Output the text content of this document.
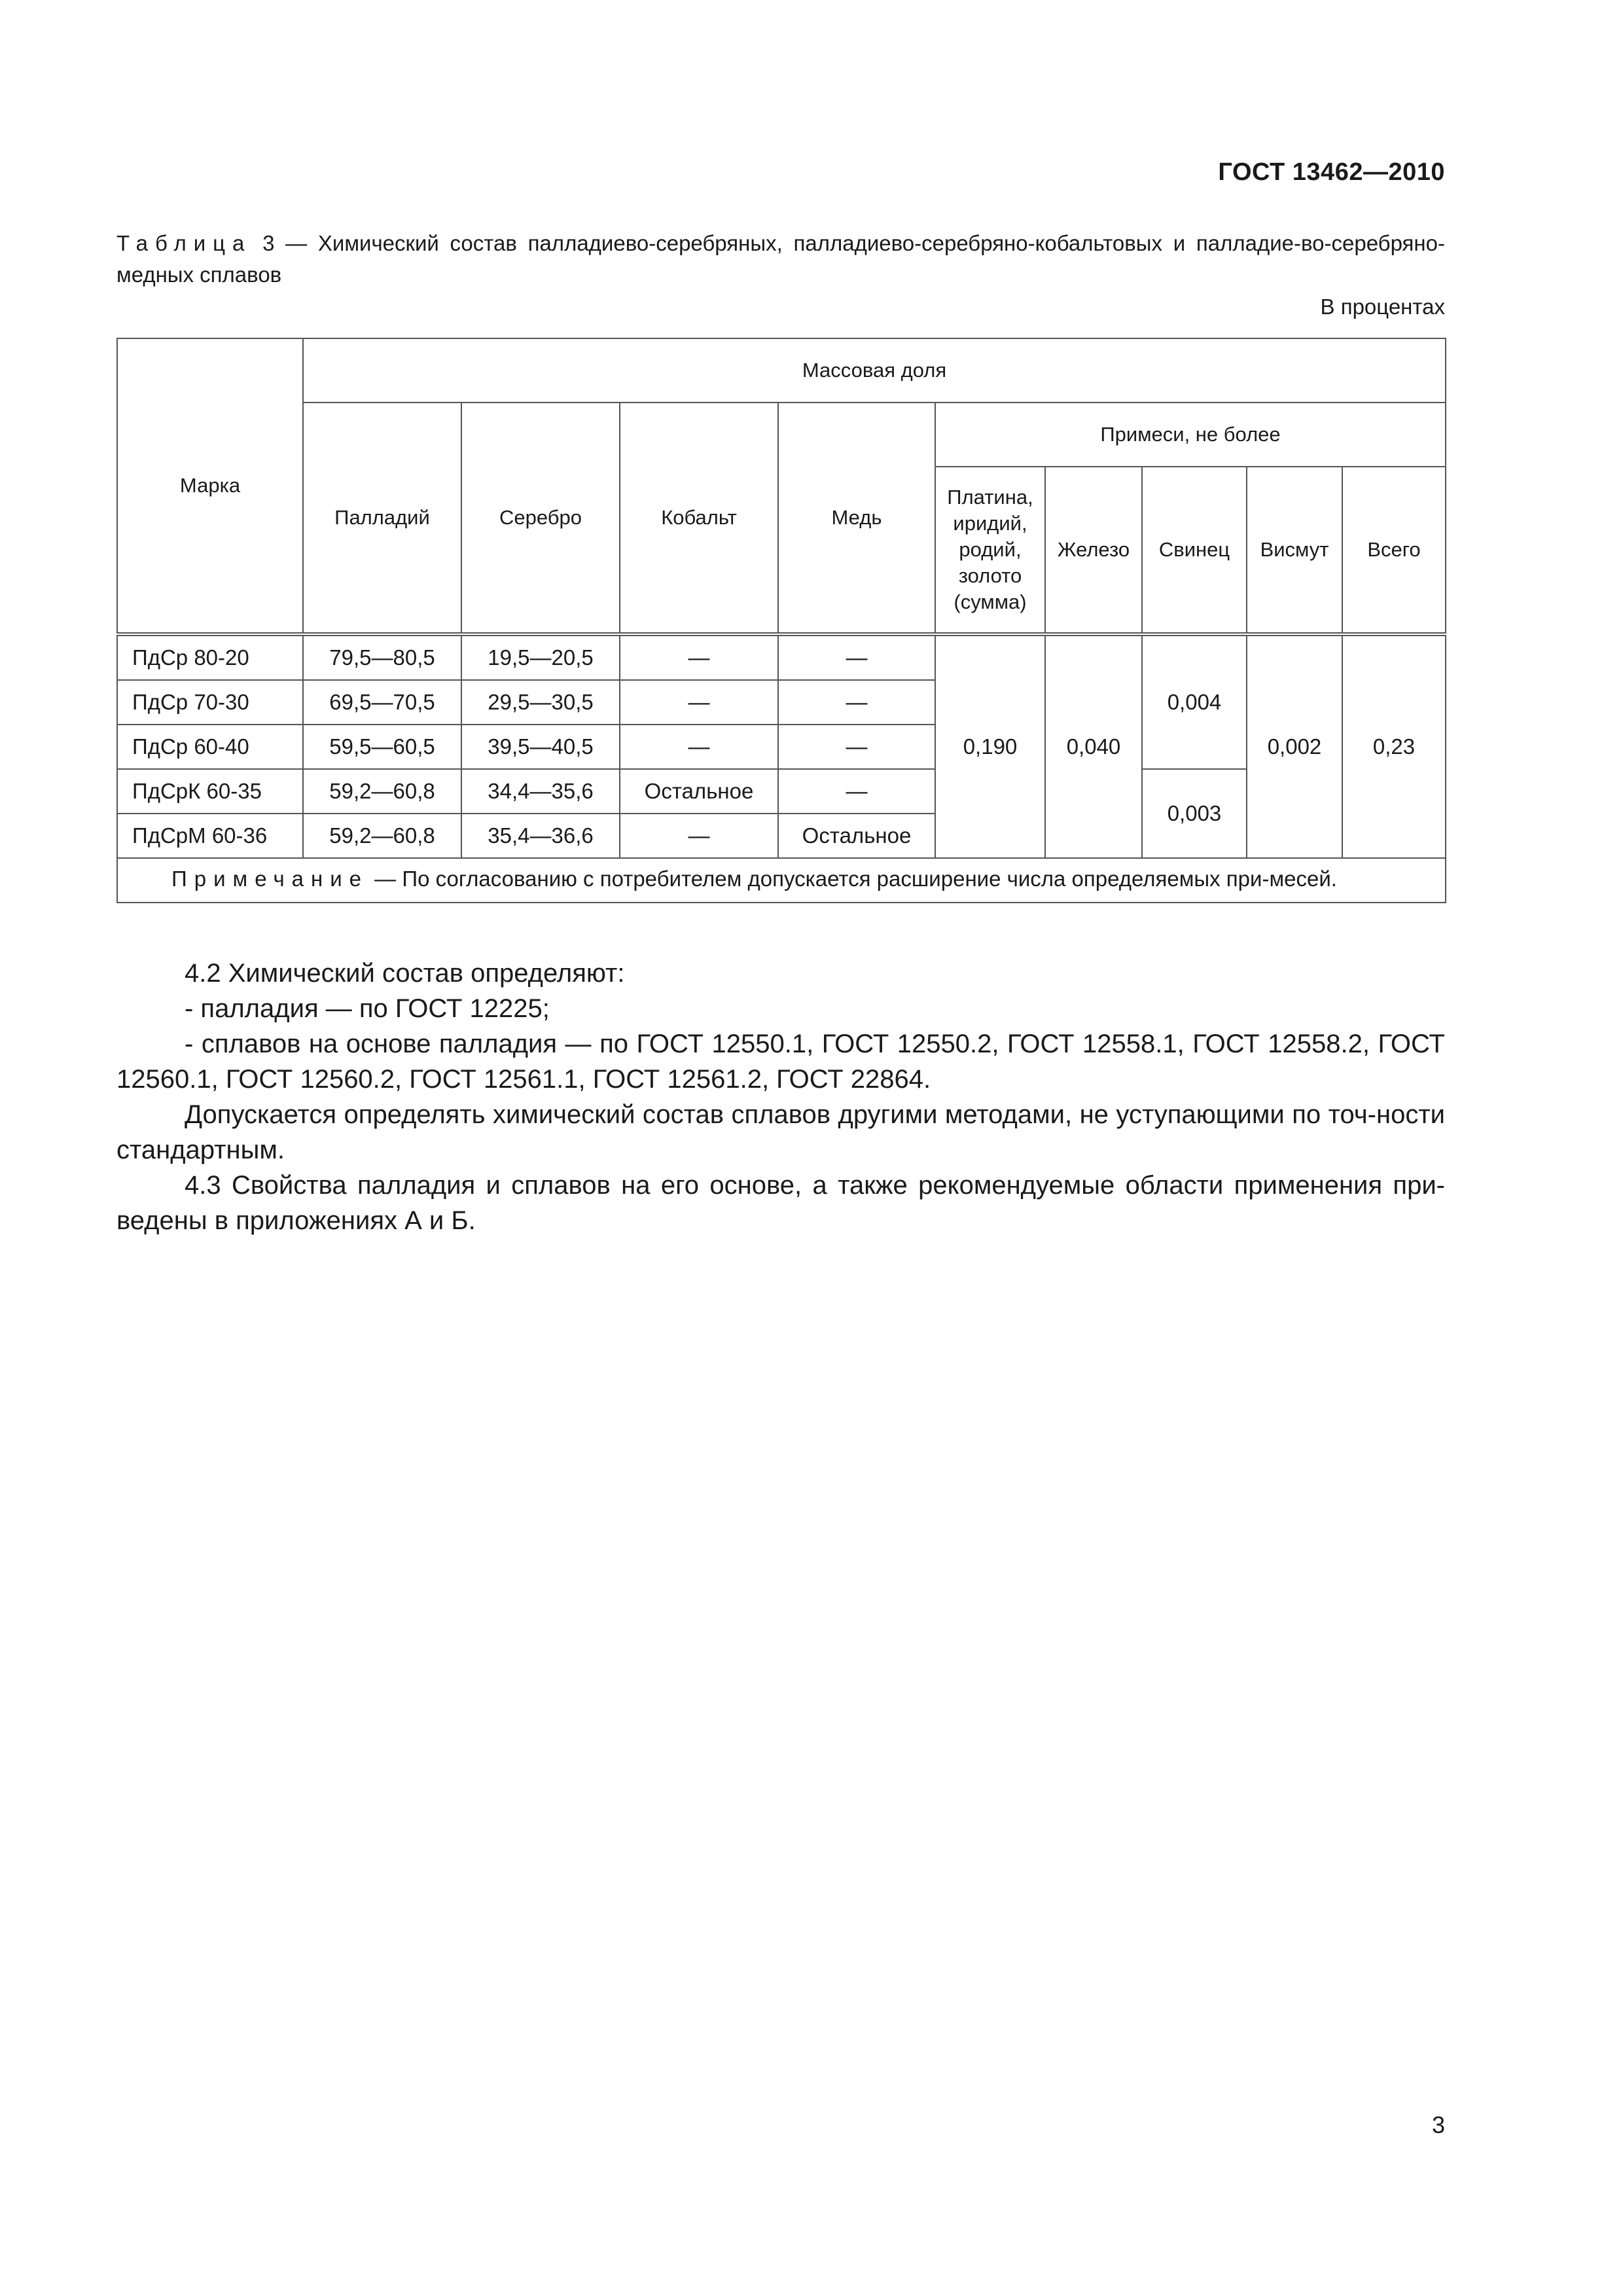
ГОСТ 13462—2010
Таблица 3 — Химический состав палладиево-серебряных, палладиево-серебряно-кобальтовых и палладие-во-серебряно-медных сплавов
В процентах
Марка	Массовая доля								
	Палладий	Серебро	Кобальт	Медь	Примеси, не более				
					Платина, иридий, родий, золото (сумма)	Железо	Свинец	Висмут	Всего
ПдСр 80-20	79,5—80,5	19,5—20,5	—	—	0,190	0,040	0,004	0,002	0,23
ПдСр 70-30	69,5—70,5	29,5—30,5	—	—					
ПдСр 60-40	59,5—60,5	39,5—40,5	—	—					
ПдСрК 60-35	59,2—60,8	34,4—35,6	Остальное	—			0,003		
ПдСрМ 60-36	59,2—60,8	35,4—36,6	—	Остальное					
Примечание — По согласованию с потребителем допускается расширение числа определяемых при-месей.									

4.2 Химический состав определяют:

- палладия — по ГОСТ 12225;

- сплавов на основе палладия — по ГОСТ 12550.1, ГОСТ 12550.2, ГОСТ 12558.1, ГОСТ 12558.2, ГОСТ 12560.1, ГОСТ 12560.2, ГОСТ 12561.1, ГОСТ 12561.2, ГОСТ 22864.

Допускается определять химический состав сплавов другими методами, не уступающими по точ-ности стандартным.

4.3 Свойства палладия и сплавов на его основе, а также рекомендуемые области применения при-ведены в приложениях А и Б.

3
